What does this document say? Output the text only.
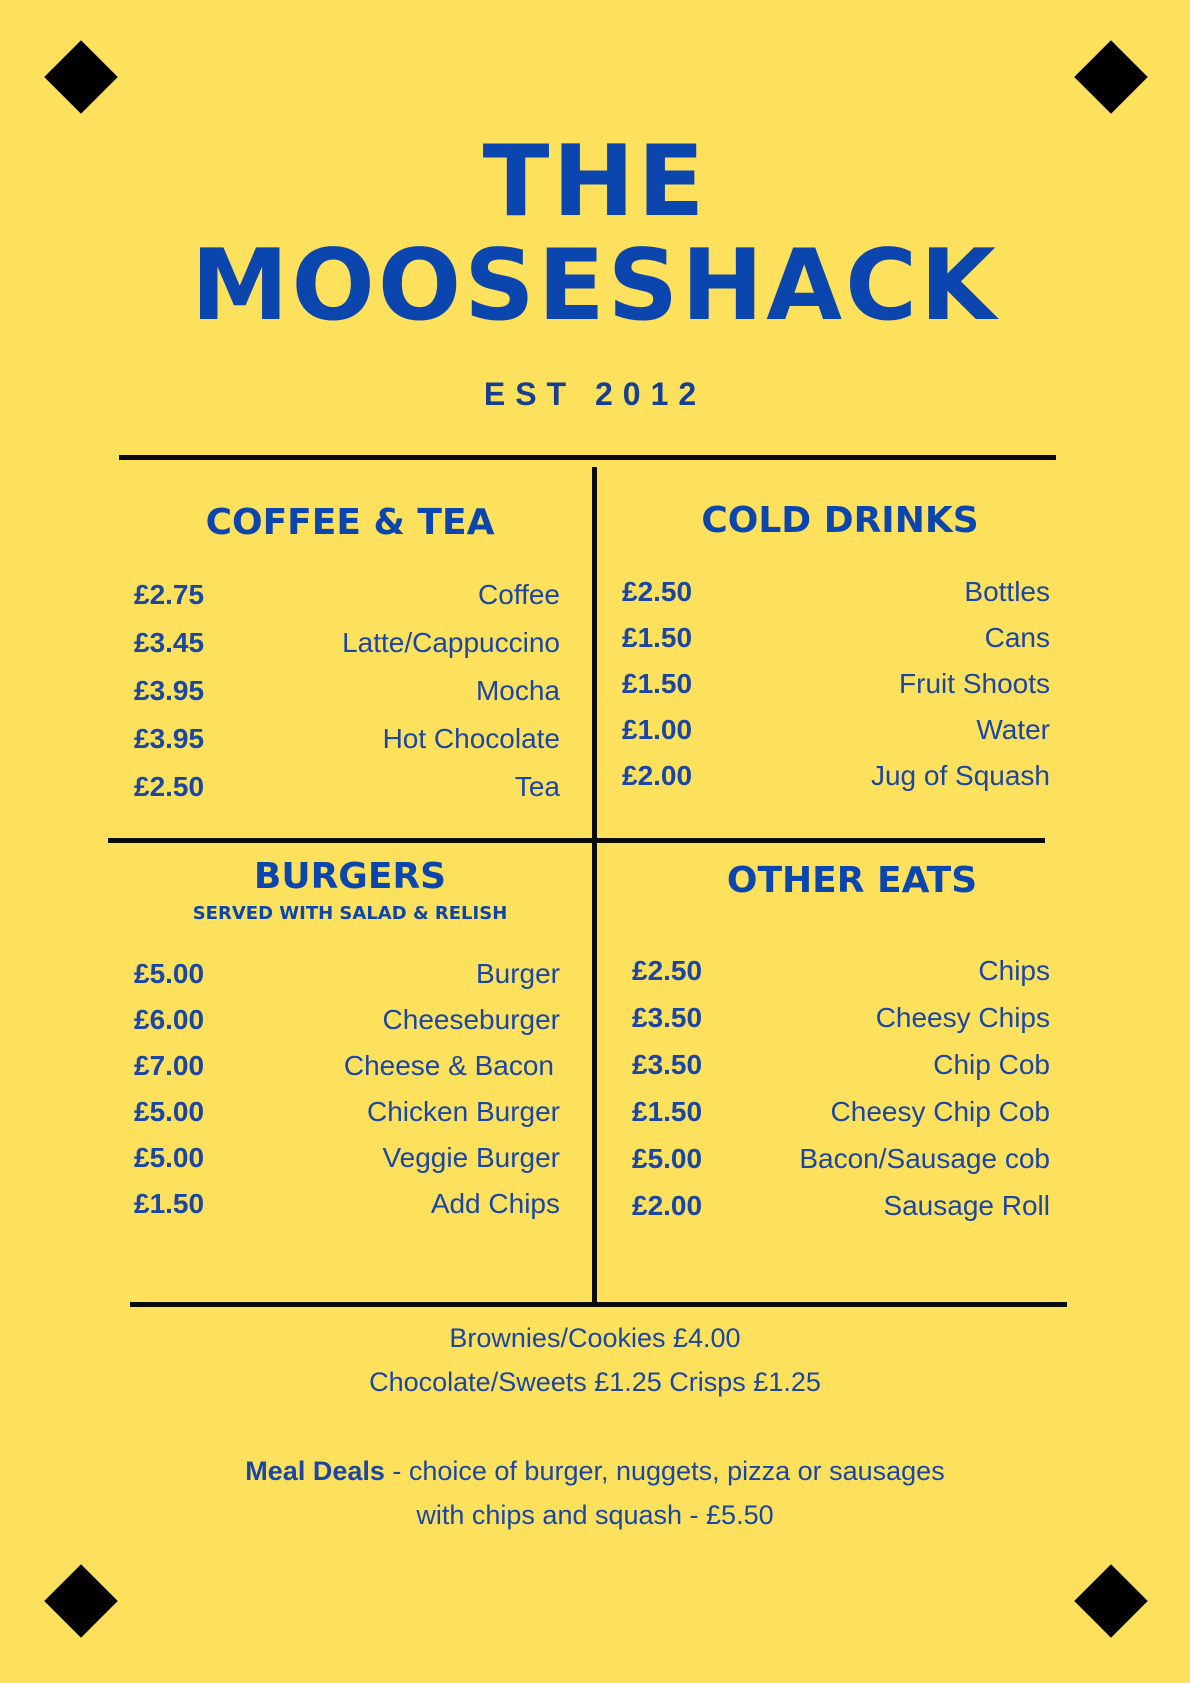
THE
MOOSESHACK
EST 2012
COFFEE & TEA	COLD DRINKS
BURGERS
SERVED WITH SALAD & RELISH
OTHER EATS
£2.75	Coffee
£3.45	Latte/Cappuccino
£3.95	Mocha
£3.95	Hot Chocolate
£2.50	Tea
£2.50	Bottles
£1.50	Cans
£1.50	Fruit Shoots
£1.00	Water
£2.00	Jug of Squash
£5.00	Burger
£6.00	Cheeseburger
£7.00	Cheese & Bacon
£5.00	Chicken Burger
£5.00	Veggie Burger
£1.50	Add Chips
£2.50	Chips
£3.50	Cheesy Chips
£3.50	Chip Cob
£1.50	Cheesy Chip Cob
£5.00	Bacon/Sausage cob
£2.00	Sausage Roll
Brownies/Cookies £4.00
Chocolate/Sweets £1.25 Crisps £1.25
Meal Deals - choice of burger, nuggets, pizza or sausages
with chips and squash - £5.50
